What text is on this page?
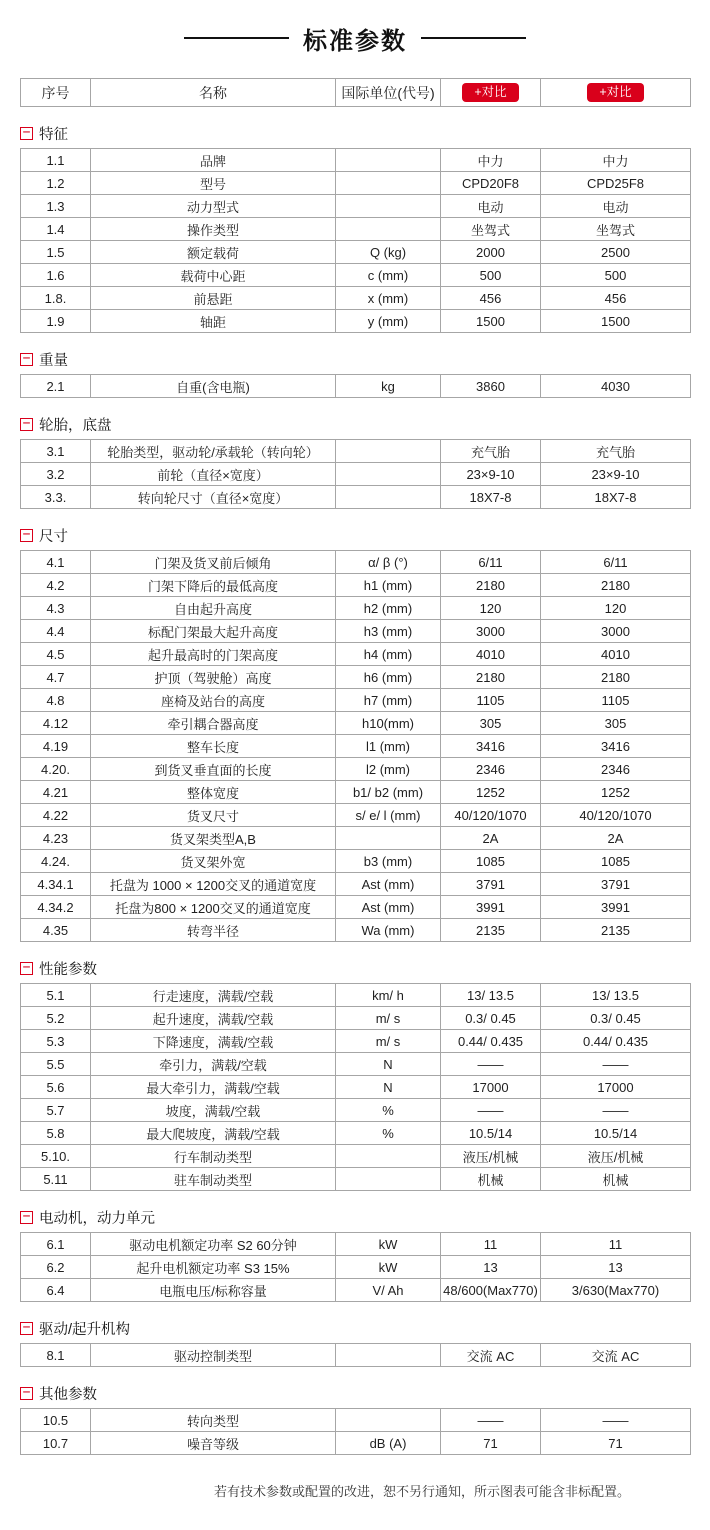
标准参数
序号	名称	国际单位(代号)	+对比	+对比
− 特征
1.1	品牌		中力	中力
1.2	型号		CPD20F8	CPD25F8
1.3	动力型式		电动	电动
1.4	操作类型		坐驾式	坐驾式
1.5	额定载荷	Q (kg)	2000	2500
1.6	载荷中心距	c (mm)	500	500
1.8.	前悬距	x (mm)	456	456
1.9	轴距	y (mm)	1500	1500
− 重量
2.1	自重(含电瓶)	kg	3860	4030
− 轮胎，底盘
3.1	轮胎类型，驱动轮/承载轮（转向轮）		充气胎	充气胎
3.2	前轮（直径×宽度）		23×9-10	23×9-10
3.3.	转向轮尺寸（直径×宽度）		18X7-8	18X7-8
− 尺寸
4.1	门架及货叉前后倾角	α/ β (°)	6/11	6/11
4.2	门架下降后的最低高度	h1 (mm)	2180	2180
4.3	自由起升高度	h2 (mm)	120	120
4.4	标配门架最大起升高度	h3 (mm)	3000	3000
4.5	起升最高时的门架高度	h4 (mm)	4010	4010
4.7	护顶（驾驶舱）高度	h6 (mm)	2180	2180
4.8	座椅及站台的高度	h7 (mm)	1105	1105
4.12	牵引耦合器高度	h10(mm)	305	305
4.19	整车长度	l1 (mm)	3416	3416
4.20.	到货叉垂直面的长度	l2 (mm)	2346	2346
4.21	整体宽度	b1/ b2 (mm)	1252	1252
4.22	货叉尺寸	s/ e/ l (mm)	40/120/1070	40/120/1070
4.23	货叉架类型A,B		2A	2A
4.24.	货叉架外宽	b3 (mm)	1085	1085
4.34.1	托盘为 1000 × 1200交叉的通道宽度	Ast (mm)	3791	3791
4.34.2	托盘为800 × 1200交叉的通道宽度	Ast (mm)	3991	3991
4.35	转弯半径	Wa (mm)	2135	2135
− 性能参数
5.1	行走速度，满载/空载	km/ h	13/ 13.5	13/ 13.5
5.2	起升速度，满载/空载	m/ s	0.3/ 0.45	0.3/ 0.45
5.3	下降速度，满载/空载	m/ s	0.44/ 0.435	0.44/ 0.435
5.5	牵引力，满载/空载	N	——	——
5.6	最大牵引力，满载/空载	N	17000	17000
5.7	坡度，满载/空载	%	——	——
5.8	最大爬坡度，满载/空载	%	10.5/14	10.5/14
5.10.	行车制动类型		液压/机械	液压/机械
5.11	驻车制动类型		机械	机械
− 电动机，动力单元
6.1	驱动电机额定功率 S2 60分钟	kW	11	11
6.2	起升电机额定功率 S3 15%	kW	13	13
6.4	电瓶电压/标称容量	V/ Ah	48/600(Max770)	3/630(Max770)
− 驱动/起升机构
8.1	驱动控制类型		交流 AC	交流 AC
− 其他参数
10.5	转向类型		——	——
10.7	噪音等级	dB (A)	71	71
若有技术参数或配置的改进，恕不另行通知，所示图表可能含非标配置。
